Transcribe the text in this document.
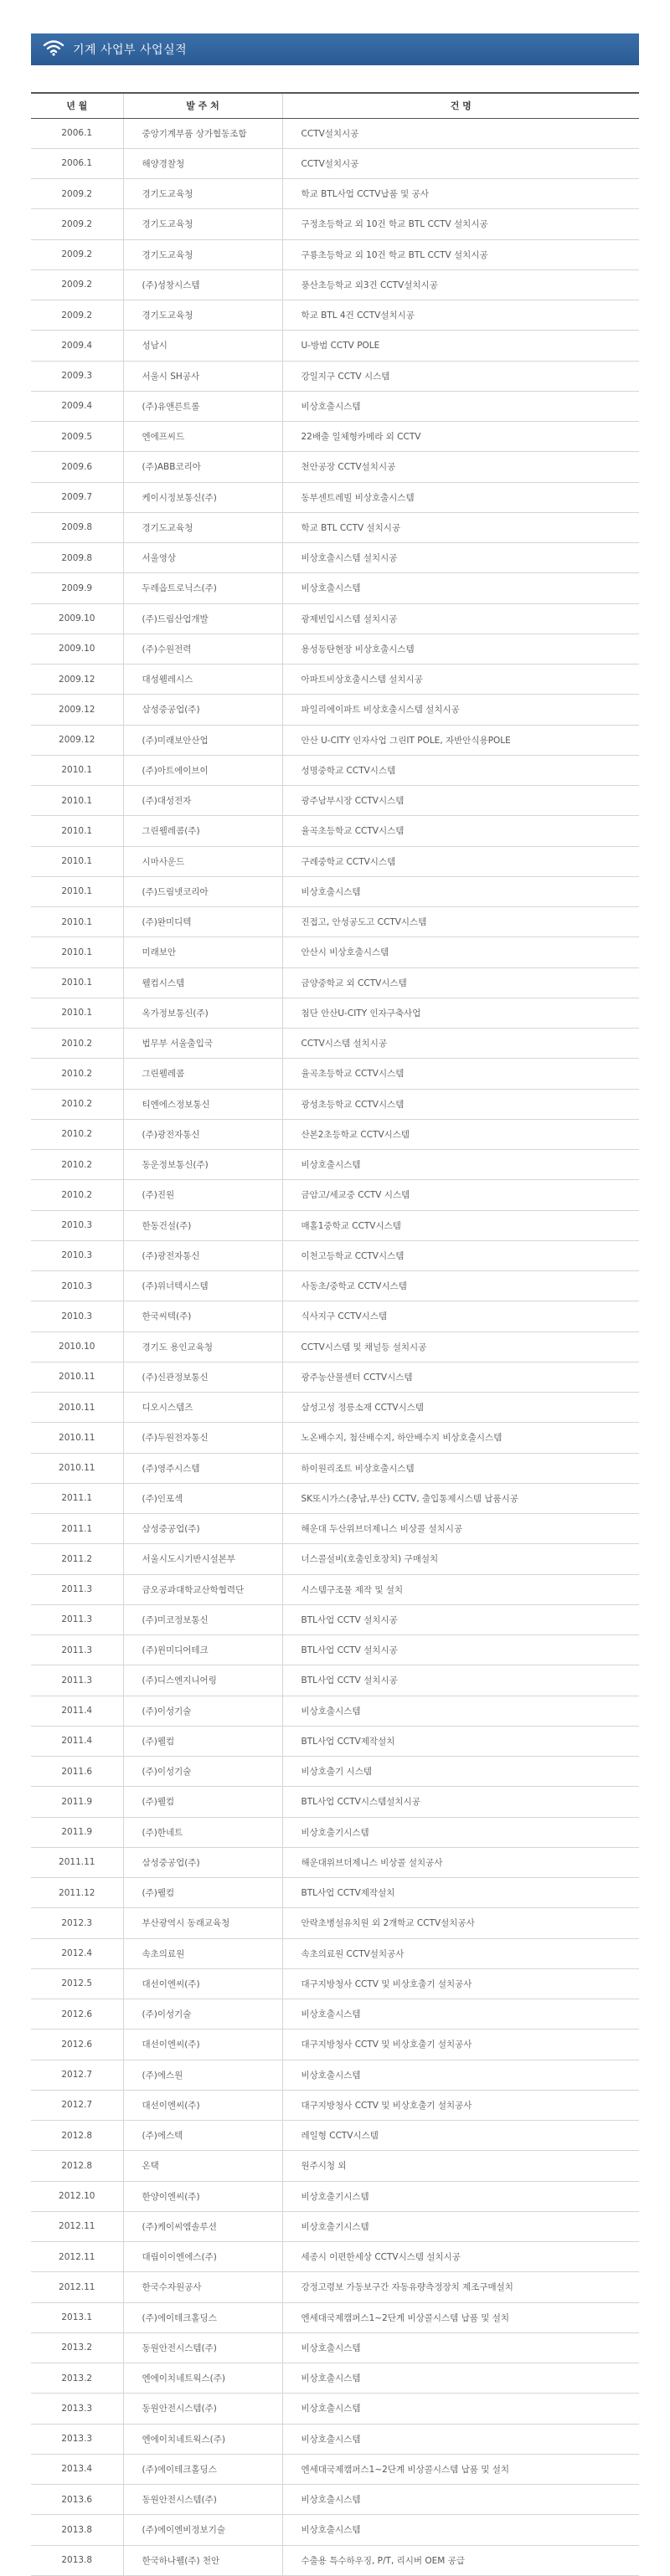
기계 사업부 사업실적
년 월	발 주 처	건 명
2006.1	중앙기계부품 상가협동조합	CCTV설치시공
2006.1	해양경찰청	CCTV설치시공
2009.2	경기도교육청	학교 BTL사업 CCTV납품 및 공사
2009.2	경기도교육청	구정초등학교 외 10건 학교 BTL CCTV 설치시공
2009.2	경기도교육청	구룡초등학교 외 10건 학교 BTL CCTV 설치시공
2009.2	(주)성창시스템	풍산초등학교 외3건 CCTV설치시공
2009.2	경기도교육청	학교 BTL 4건 CCTV설치시공
2009.4	성남시	U-방범 CCTV POLE
2009.3	서울시 SH공사	강일지구 CCTV 시스템
2009.4	(주)유앤른트롤	비상호출시스템
2009.5	엔에프씨드	22배출 일체형카메라 외 CCTV
2009.6	(주)ABB코리아	천안공장 CCTV설치시공
2009.7	케이시정보통신(주)	동부센트레빌 비상호출시스템
2009.8	경기도교육청	학교 BTL CCTV 설치시공
2009.8	서울영상	비상호출시스템 설치시공
2009.9	두레옵트로닉스(주)	비상호출시스템
2009.10	(주)드림산업개발	광제빈입시스템 설치시공
2009.10	(주)수원전력	용성동탄현장 비상호출시스템
2009.12	대성웰레시스	아파트비상호출시스템 설치시공
2009.12	삼성중공업(주)	파일리에이파트 비상호출시스템 설치시공
2009.12	(주)미래보안산업	안산 U-CITY 인자사업 그린IT POLE, 자반안식용POLE
2010.1	(주)아트에이브이	성명중학교 CCTV시스템
2010.1	(주)대성전자	광주남부시장 CCTV시스템
2010.1	그린웰레콤(주)	율곡초등학교 CCTV시스템
2010.1	시마사운드	구례중학교 CCTV시스템
2010.1	(주)드림넷코리아	비상호출시스템
2010.1	(주)완미디텍	진접고, 안성공도고 CCTV시스템
2010.1	미래보안	안산시 비상호출시스템
2010.1	웰컴시스템	금양중학교 외 CCTV시스템
2010.1	옥가정보통신(주)	첨단 안산U-CITY 인자구축사업
2010.2	법무부 서울출입국	CCTV시스템 설치시공
2010.2	그린웰레콤	율곡초등학교 CCTV시스템
2010.2	티엔에스정보통신	광성초등학교 CCTV시스템
2010.2	(주)광전자통신	산본2초등학교 CCTV시스템
2010.2	동운정보통신(주)	비상호출시스템
2010.2	(주)진원	금암고/세교중 CCTV 시스템
2010.3	한동건설(주)	매홀1중학교 CCTV시스템
2010.3	(주)광전자통신	이천고등학교 CCTV시스템
2010.3	(주)위너텍시스템	사동초/중학교 CCTV시스템
2010.3	한국씨텍(주)	식사지구 CCTV시스템
2010.10	경기도 용인교육청	CCTV시스템 및 채널등 설치시공
2010.11	(주)신관정보통신	광주농산물센터 CCTV시스템
2010.11	디오시스템즈	삼성고성 정릉소재 CCTV시스템
2010.11	(주)두원전자통신	노온배수지, 첨산배수지, 하안배수지 비상호출시스템
2010.11	(주)영주시스템	하이원리조트 비상호출시스템
2011.1	(주)인포섹	SK또시가스(충남,부산) CCTV, 출입통제시스템 납품시공
2011.1	삼성중공업(주)	해운대 두산위브더제니스 비상콜 설치시공
2011.2	서울시도시기반시설본부	너스콜설비(호출인호장치) 구매설치
2011.3	금오공과대학교산학협력단	시스템구조물 제작 및 설치
2011.3	(주)미코정보통신	BTL사업 CCTV 설치시공
2011.3	(주)윈미디어테크	BTL사업 CCTV 설치시공
2011.3	(주)디스엔지니어링	BTL사업 CCTV 설치시공
2011.4	(주)이성기술	비상호출시스템
2011.4	(주)웰컴	BTL사업 CCTV제작설치
2011.6	(주)이성기술	비상호출기 시스템
2011.9	(주)웰컴	BTL사업 CCTV시스템설치시공
2011.9	(주)한네트	비상호출기시스템
2011.11	삼성중공업(주)	해운대위브더제니스 비상콜 설치공사
2011.12	(주)웰컴	BTL사업 CCTV제작설치
2012.3	부산광역시 동래교육청	안락초병설유치원 외 2개학교 CCTV설치공사
2012.4	속초의료원	속초의료원 CCTV설치공사
2012.5	대선이엔씨(주)	대구지방청사 CCTV 및 비상호출기 설치공사
2012.6	(주)이성기술	비상호출시스템
2012.6	대선이엔씨(주)	대구지방청사 CCTV 및 비상호출기 설치공사
2012.7	(주)에스원	비상호출시스템
2012.7	대선이엔씨(주)	대구지방청사 CCTV 및 비상호출기 설치공사
2012.8	(주)에스텍	레일형 CCTV시스템
2012.8	온택	원주시청 외
2012.10	한양이엔씨(주)	비상호출기시스템
2012.11	(주)케이씨엠솔루션	비상호출기시스템
2012.11	대림이이엔에스(주)	세종시 이편한세상 CCTV시스템 설치시공
2012.11	한국수자원공사	강정고령보 가동보구간 자동유량측정장치 제조구매설치
2013.1	(주)에이테크홀딩스	엔세대국제캠퍼스1~2단계 비상콜시스템 납품 및 설치
2013.2	동원안전시스템(주)	비상호출시스템
2013.2	엔에이치네트웍스(주)	비상호출시스템
2013.3	동원안전시스템(주)	비상호출시스템
2013.3	엔에이치네트웍스(주)	비상호출시스템
2013.4	(주)에이테크홀딩스	엔세대국제캠퍼스1~2단계 비상콜시스템 납품 및 설치
2013.6	동원안전시스템(주)	비상호출시스템
2013.8	(주)에이엔비정보기술	비상호출시스템
2013.8	한국하나웰(주) 천안	수출용 특수하우징, P/T, 리시버 OEM 공급
